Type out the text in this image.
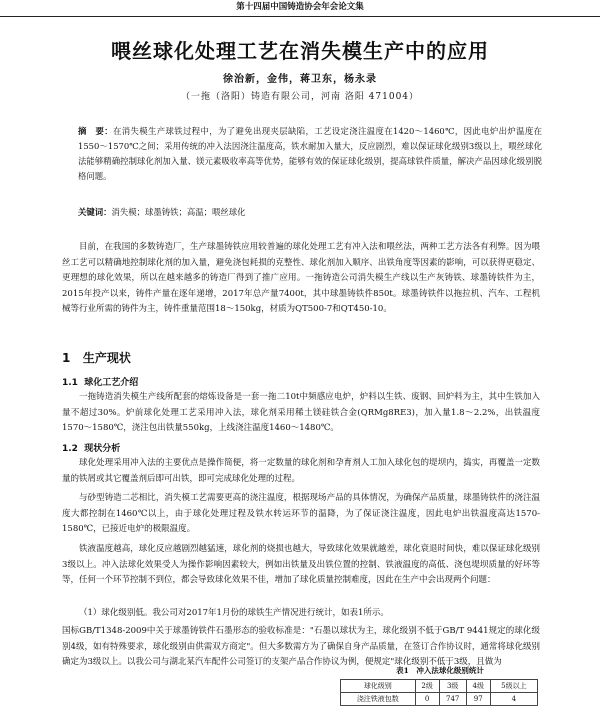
第十四届中国铸造协会年会论文集
喂丝球化处理工艺在消失模生产中的应用
徐治新，金伟，蒋卫东，杨永录
（一拖（洛阳）铸造有限公司，河南 洛阳 471004）
摘　要：在消失模生产球铁过程中，为了避免出现夹层缺陷，工艺设定浇注温度在1420～1460℃，因此电炉出炉温度在1550～1570℃之间；采用传统的冲入法因浇注温度高，铁水耐加入量大，反应剧烈，难以保证球化级别3级以上，喂丝球化法能够精确控制球化剂加入量、镁元素吸收率高等优势，能够有效的保证球化级别，提高球铁件质量，解决产品因球化级别脱格问题。
关键词：消失模；球墨铸铁；高温；喂丝球化
目前，在我国的多数铸造厂，生产球墨铸铁应用较普遍的球化处理工艺有冲入法和喂丝法，两种工艺方法各有利弊。因为喂丝工艺可以精确地控制球化剂的加入量，避免浇包耗损的克整性、球化剂加入顺序、出铁角度等因素的影响，可以获得更稳定、更理想的球化效果，所以在越来越多的铸造厂得到了推广应用。一拖铸造公司消失模生产线以生产灰铸铁、球墨铸铁件为主，2015年投产以来，铸件产量在逐年递增，2017年总产量7400t，其中球墨铸铁件850t。球墨铸铁件以拖拉机、汽车、工程机械等行业所需的铸件为主，铸件重量范围18～150kg，材质为QT500-7和QT450-10。
1 生产现状
1.1 球化工艺介绍
一拖铸造消失模生产线所配套的熔炼设备是一套一拖二10t中频感应电炉，炉料以生铁、废钢、回炉料为主，其中生铁加入量不超过30%。炉前球化处理工艺采用冲入法，球化剂采用稀土镁硅铁合金(QRMg8RE3)，加入量1.8～2.2%，出铁温度1570～1580℃，浇注包出铁量550kg，上线浇注温度1460～1480℃。
1.2 现状分析
球化处理采用冲入法的主要优点是操作简便，将一定数量的球化剂和孕育剂人工加入球化包的堤坝内，捣实，再覆盖一定数量的铁屑或其它覆盖剂后即可出铁，即可完成球化处理的过程。
与砂型铸造二芯相比，消失模工艺需要更高的浇注温度，根据现场产品的具体情况，为确保产品质量，球墨铸铁件的浇注温度大都控制在1460℃以上，由于球化处理过程及铁水转运环节的温降，为了保证浇注温度，因此电炉出铁温度高达1570-1580℃，已接近电炉的极限温度。
铁液温度越高，球化反应越剧烈越猛速，球化剂的烧损也越大，导致球化效果就越差，球化衰退时间快，难以保证球化级别3级以上。冲入法球化效果受人为操作影响因素较大，例如出铁量及出铁位置的控制、铁液温度的高低、浇包堤坝质量的好坏等等，任何一个环节控制不到位，都会导致球化效果不佳，增加了球化质量控制难度，因此在生产中会出现两个问题：
（1）球化级别低。我公司对2017年1月份的球铁生产情况进行统计，如表1所示。
国标GB/T1348-2009中关于球墨铸铁件石墨形态的验收标准是："石墨以球状为主，球化级别不低于GB/T 9441规定的球化级别4级，如有特殊要求，球化级别由供需双方商定"。但大多数需方为了确保自身产品质量，在签订合作协议时，通常将球化级别确定为3级以上。以我公司与湖北某汽车配件公司签订的支架产品合作协议为例，便规定"球化级别不低于3级，且做为
表1　冲入法球化级别统计
球化级别	2级	3级	4级	5级以上
浇注铁液包数	0	747	97	4
